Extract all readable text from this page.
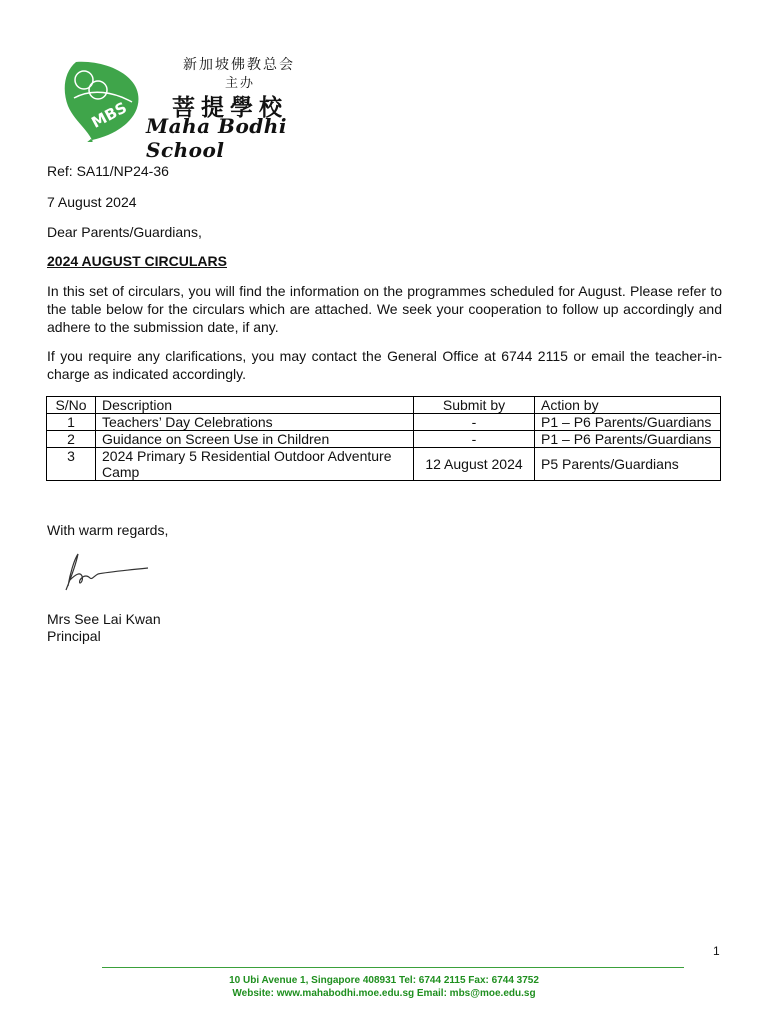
MBS
新加坡佛教总会
主办
菩提學校
Maha Bodhi School
Ref: SA11/NP24-36
7 August 2024
Dear Parents/Guardians,
2024 AUGUST CIRCULARS
In this set of circulars, you will find the information on the programmes scheduled for August. Please refer to the table below for the circulars which are attached. We seek your cooperation to follow up accordingly and adhere to the submission date, if any.
If you require any clarifications, you may contact the General Office at 6744 2115 or email the teacher-in-charge as indicated accordingly.
S/No	Description	Submit by	Action by
1	Teachers’ Day Celebrations	-	P1 – P6 Parents/Guardians
2	Guidance on Screen Use in Children	-	P1 – P6 Parents/Guardians
3	2024 Primary 5 Residential Outdoor Adventure Camp	12 August 2024	P5 Parents/Guardians
With warm regards,
Mrs See Lai Kwan
Principal
1
10 Ubi Avenue 1, Singapore 408931 Tel: 6744 2115 Fax: 6744 3752
Website: www.mahabodhi.moe.edu.sg Email: mbs@moe.edu.sg
